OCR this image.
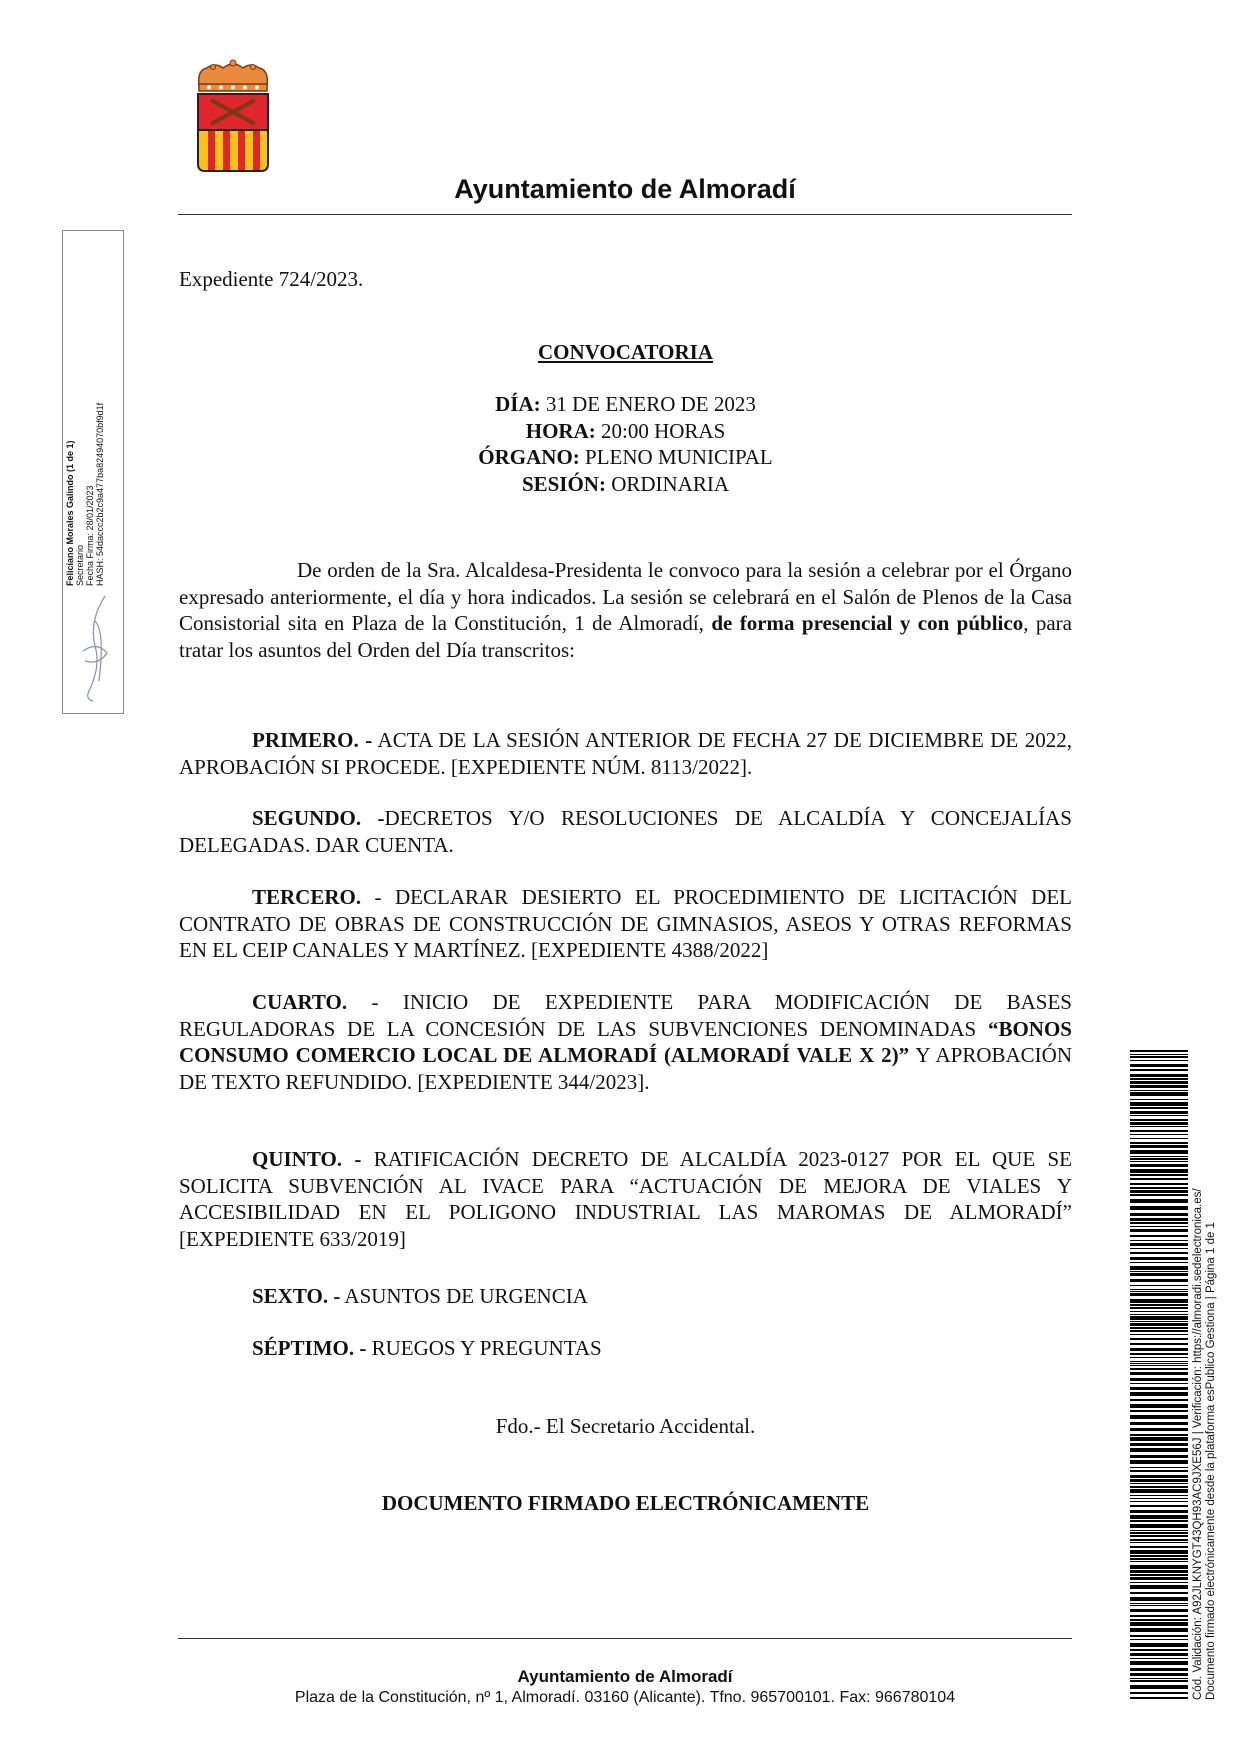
Ayuntamiento de Almoradí
Feliciano Morales Galindo (1 de 1) Secretario Fecha Firma: 28/01/2023 HASH: 54daccc2b2c9a477ba82494070bf9d1f
Expediente 724/2023.
CONVOCATORIA
DÍA: 31 DE ENERO DE 2023
HORA: 20:00 HORAS
ÓRGANO: PLENO MUNICIPAL
SESIÓN: ORDINARIA
De orden de la Sra. Alcaldesa-Presidenta le convoco para la sesión a celebrar por el Órgano expresado anteriormente, el día y hora indicados. La sesión se celebrará en el Salón de Plenos de la Casa Consistorial sita en Plaza de la Constitución, 1 de Almoradí, de forma presencial y con público, para tratar los asuntos del Orden del Día transcritos:
PRIMERO. - ACTA DE LA SESIÓN ANTERIOR DE FECHA 27 DE DICIEMBRE DE 2022, APROBACIÓN SI PROCEDE. [EXPEDIENTE NÚM. 8113/2022].
SEGUNDO. -DECRETOS Y/O RESOLUCIONES DE ALCALDÍA Y CONCEJALÍAS DELEGADAS. DAR CUENTA.
TERCERO. - DECLARAR DESIERTO EL PROCEDIMIENTO DE LICITACIÓN DEL CONTRATO DE OBRAS DE CONSTRUCCIÓN DE GIMNASIOS, ASEOS Y OTRAS REFORMAS EN EL CEIP CANALES Y MARTÍNEZ. [EXPEDIENTE 4388/2022]
CUARTO. - INICIO DE EXPEDIENTE PARA MODIFICACIÓN DE BASES REGULADORAS DE LA CONCESIÓN DE LAS SUBVENCIONES DENOMINADAS “BONOS CONSUMO COMERCIO LOCAL DE ALMORADÍ (ALMORADÍ VALE X 2)” Y APROBACIÓN DE TEXTO REFUNDIDO. [EXPEDIENTE 344/2023].
QUINTO. - RATIFICACIÓN DECRETO DE ALCALDÍA 2023-0127 POR EL QUE SE SOLICITA SUBVENCIÓN AL IVACE PARA “ACTUACIÓN DE MEJORA DE VIALES Y ACCESIBILIDAD EN EL POLIGONO INDUSTRIAL LAS MAROMAS DE ALMORADÍ” [EXPEDIENTE 633/2019]
SEXTO. - ASUNTOS DE URGENCIA
SÉPTIMO. - RUEGOS Y PREGUNTAS
Fdo.- El Secretario Accidental.
DOCUMENTO FIRMADO ELECTRÓNICAMENTE	Cód. Validación: A92JLKNYGT43QH93AC9JXE56J | Verificación: https://almoradi.sedelectronica.es/ Documento firmado electrónicamente desde la plataforma esPublico Gestiona | Página 1 de 1
Ayuntamiento de Almoradí
Plaza de la Constitución, nº 1, Almoradí. 03160 (Alicante). Tfno. 965700101. Fax: 966780104
